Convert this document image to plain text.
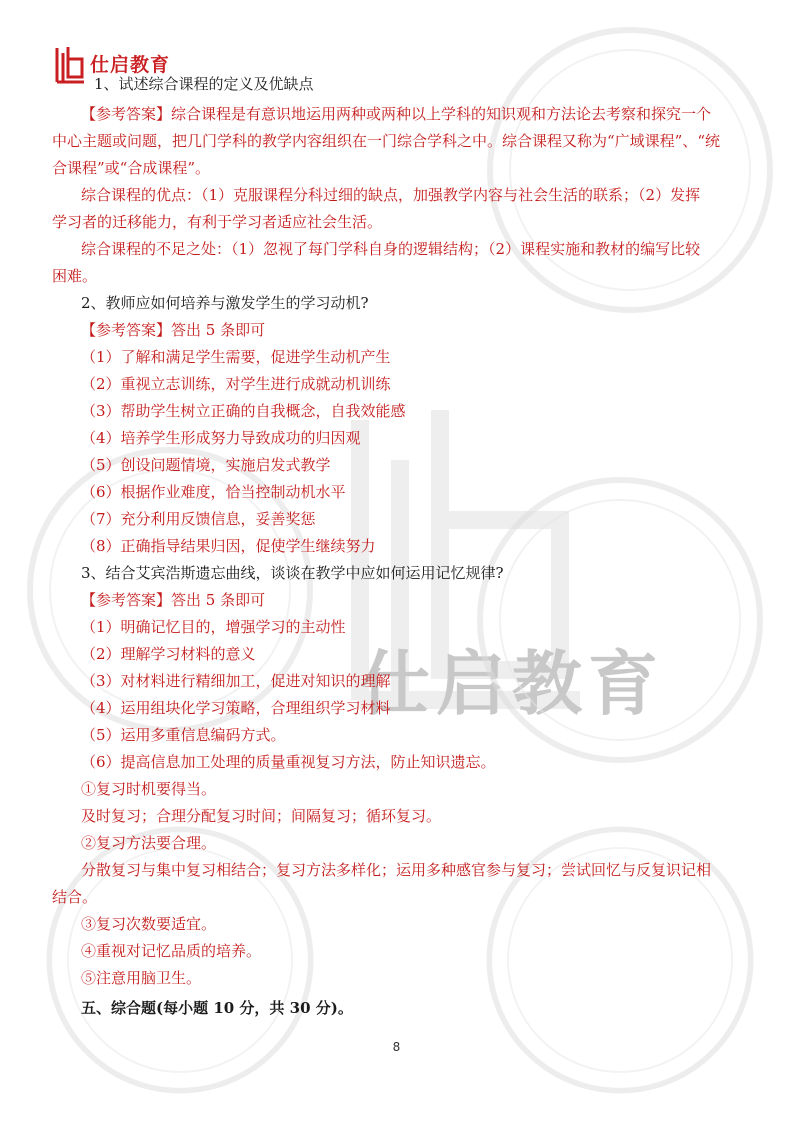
仕启教育
仕启教育
1、试述综合课程的定义及优缺点
【参考答案】综合课程是有意识地运用两种或两种以上学科的知识观和方法论去考察和探究一个
中心主题或问题，把几门学科的教学内容组织在一门综合学科之中。综合课程又称为“广域课程”、“统
合课程”或“合成课程”。
综合课程的优点：（1）克服课程分科过细的缺点，加强教学内容与社会生活的联系；（2）发挥
学习者的迁移能力，有利于学习者适应社会生活。
综合课程的不足之处：（1）忽视了每门学科自身的逻辑结构；（2）课程实施和教材的编写比较
困难。
2、教师应如何培养与激发学生的学习动机?
【参考答案】答出 5 条即可
（1）了解和满足学生需要，促进学生动机产生
（2）重视立志训练，对学生进行成就动机训练
（3）帮助学生树立正确的自我概念，自我效能感
（4）培养学生形成努力导致成功的归因观
（5）创设问题情境，实施启发式教学
（6）根据作业难度，恰当控制动机水平
（7）充分利用反馈信息，妥善奖惩
（8）正确指导结果归因，促使学生继续努力
3、结合艾宾浩斯遗忘曲线，谈谈在教学中应如何运用记忆规律?
【参考答案】答出 5 条即可
（1）明确记忆目的，增强学习的主动性
（2）理解学习材料的意义
（3）对材料进行精细加工，促进对知识的理解
（4）运用组块化学习策略，合理组织学习材料
（5）运用多重信息编码方式。
（6）提高信息加工处理的质量重视复习方法，防止知识遗忘。
①复习时机要得当。
及时复习；合理分配复习时间；间隔复习；循环复习。
②复习方法要合理。
分散复习与集中复习相结合；复习方法多样化；运用多种感官参与复习；尝试回忆与反复识记相
结合。
③复习次数要适宜。
④重视对记忆品质的培养。
⑤注意用脑卫生。
五、综合题(每小题 10 分，共 30 分)。
8
